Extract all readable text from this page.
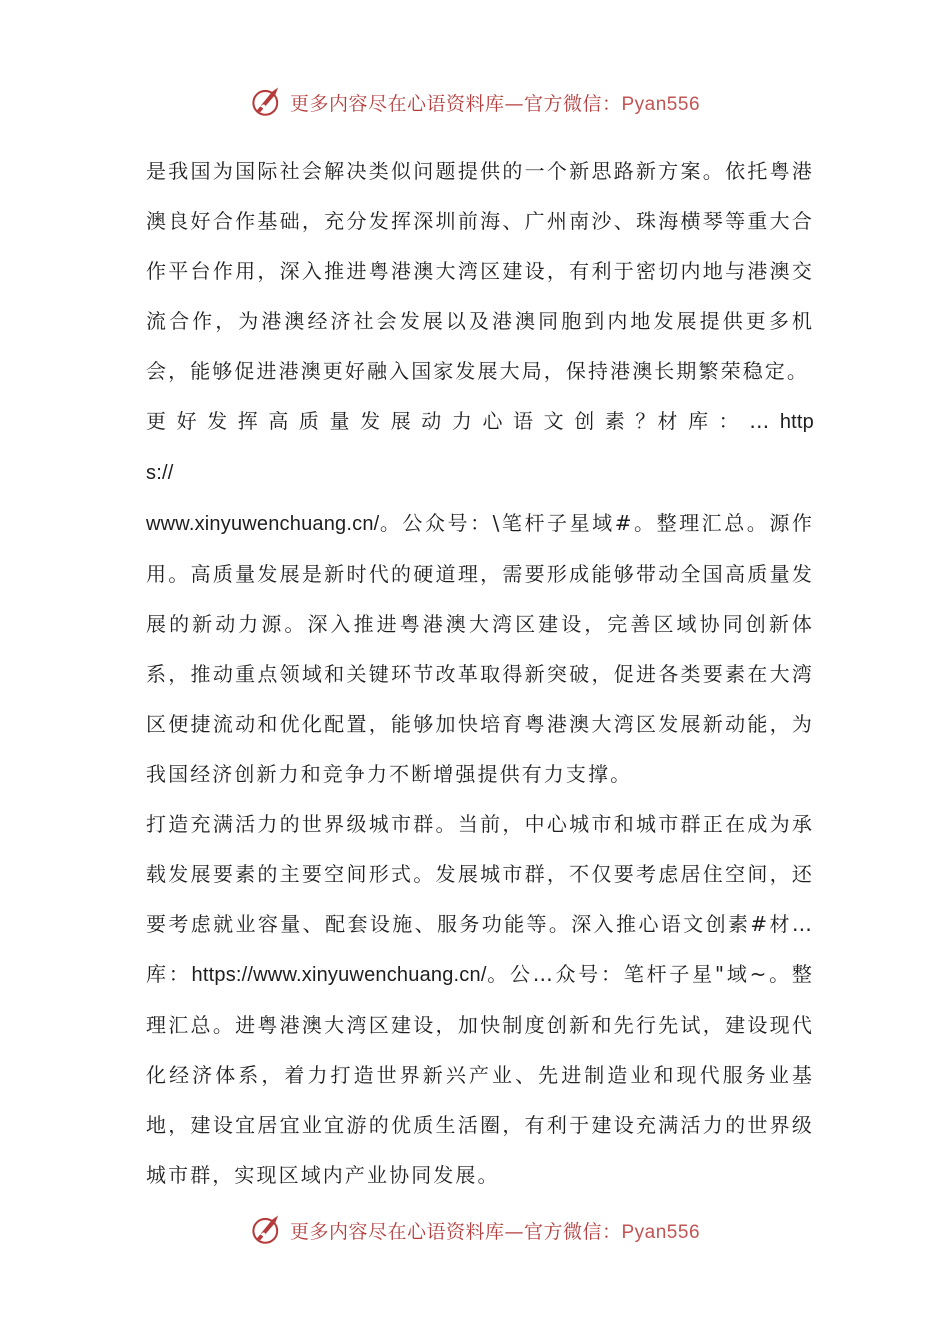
更多内容尽在心语资料库—官方微信：Pyan556

是我国为国际社会解决类似问题提供的一个新思路新方案。依托粤港澳良好合作基础，充分发挥深圳前海、广州南沙、珠海横琴等重大合作平台作用，深入推进粤港澳大湾区建设，有利于密切内地与港澳交流合作，为港澳经济社会发展以及港澳同胞到内地发展提供更多机会，能够促进港澳更好融入国家发展大局，保持港澳长期繁荣稳定。

更 好 发 挥 高 质 量 发 展 动 力 心 语 文 创 素 ？材 库 ： … https://
www.xinyuwenchuang.cn/。公众号：\笔杆子星域#。整理汇总。源作用。高质量发展是新时代的硬道理，需要形成能够带动全国高质量发展的新动力源。深入推进粤港澳大湾区建设，完善区域协同创新体系，推动重点领域和关键环节改革取得新突破，促进各类要素在大湾区便捷流动和优化配置，能够加快培育粤港澳大湾区发展新动能，为我国经济创新力和竞争力不断增强提供有力支撑。

打造充满活力的世界级城市群。当前，中心城市和城市群正在成为承载发展要素的主要空间形式。发展城市群，不仅要考虑居住空间，还要考虑就业容量、配套设施、服务功能等。深入推心语文创素#材…库：https://www.xinyuwenchuang.cn/。公…众号：笔杆子星"域~。整理汇总。进粤港澳大湾区建设，加快制度创新和先行先试，建设现代化经济体系，着力打造世界新兴产业、先进制造业和现代服务业基地，建设宜居宜业宜游的优质生活圈，有利于建设充满活力的世界级城市群，实现区域内产业协同发展。

更多内容尽在心语资料库—官方微信：Pyan556
